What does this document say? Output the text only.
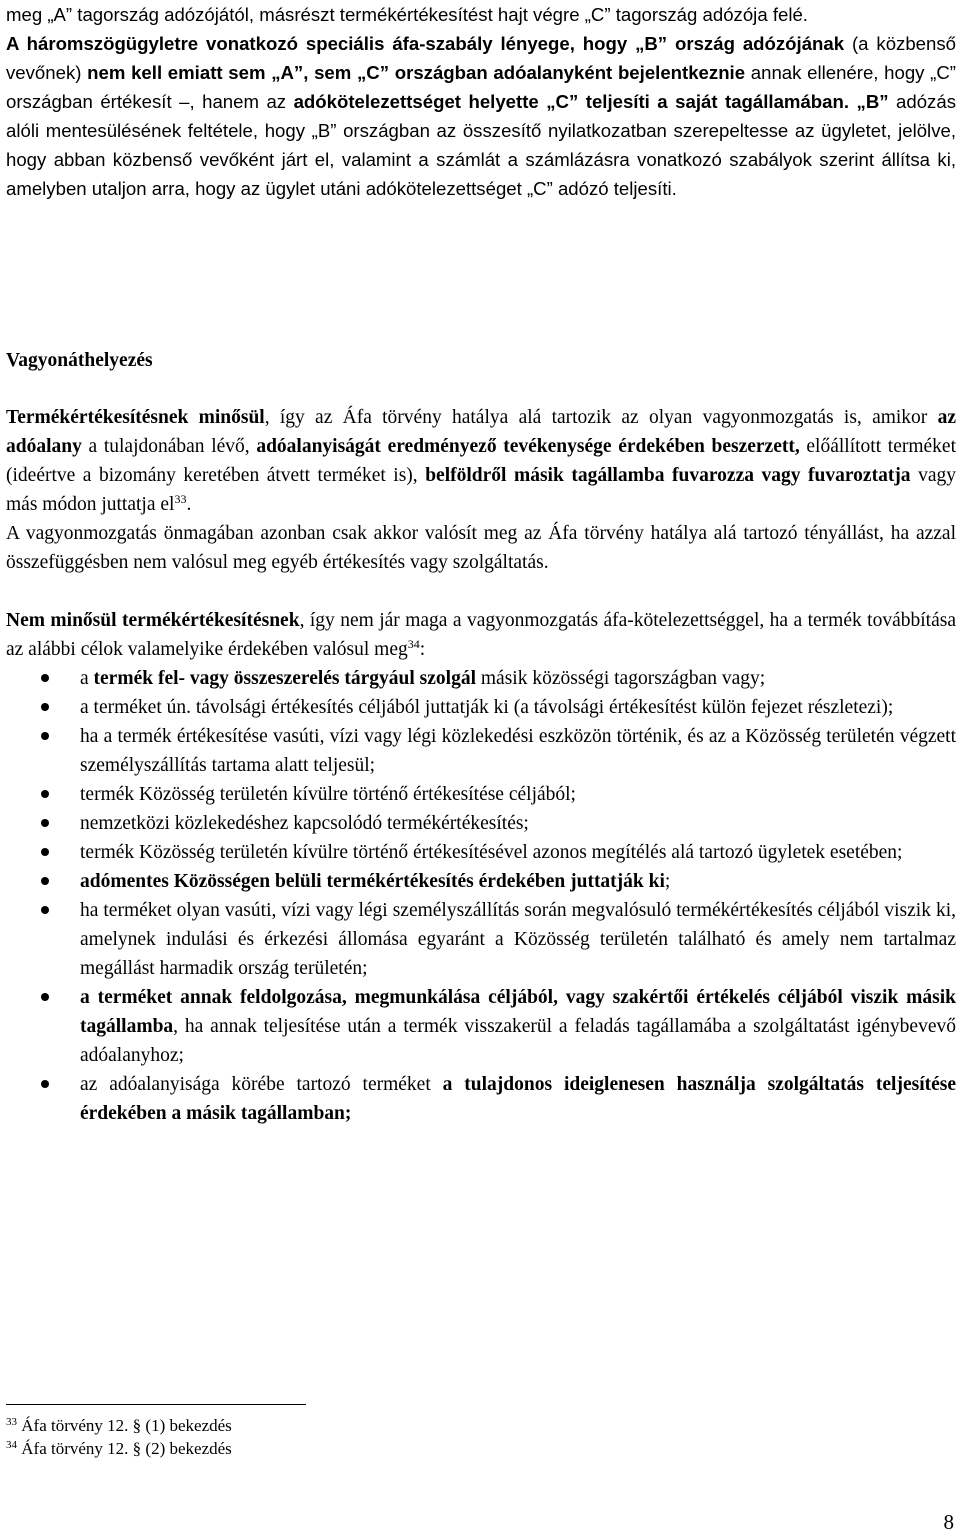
meg „A” tagország adózójától, másrészt termékértékesítést hajt végre „C” tagország adózója felé.
A háromszögügyletre vonatkozó speciális áfa-szabály lényege, hogy „B” ország adózójának (a közbenső vevőnek) nem kell emiatt sem „A”, sem „C” országban adóalanyként bejelentkeznie annak ellenére, hogy „C” országban értékesít –, hanem az adókötelezettséget helyette „C” teljesíti a saját tagállamában. „B” adózás alóli mentesülésének feltétele, hogy „B” országban az összesítő nyilatkozatban szerepeltesse az ügyletet, jelölve, hogy abban közbenső vevőként járt el, valamint a számlát a számlázásra vonatkozó szabályok szerint állítsa ki, amelyben utaljon arra, hogy az ügylet utáni adókötelezettséget „C” adózó teljesíti.

Vagyonáthelyezés

Termékértékesítésnek minősül, így az Áfa törvény hatálya alá tartozik az olyan vagyonmozgatás is, amikor az adóalany a tulajdonában lévő, adóalanyiságát eredményező tevékenysége érdekében beszerzett, előállított terméket (ideértve a bizomány keretében átvett terméket is), belföldről másik tagállamba fuvarozza vagy fuvaroztatja vagy más módon juttatja $el^{33}$.

A vagyonmozgatás önmagában azonban csak akkor valósít meg az Áfa törvény hatálya alá tartozó tényállást, ha azzal összefüggésben nem valósul meg egyéb értékesítés vagy szolgáltatás.

Nem minősül termékértékesítésnek, így nem jár maga a vagyonmozgatás áfa-kötelezettséggel, ha a termék továbbítása az alábbi célok valamelyike érdekében valósul meg$^{34}$:

a termék fel- vagy összeszerelés tárgyául szolgál másik közösségi tagországban vagy;
a terméket ún. távolsági értékesítés céljából juttatják ki (a távolsági értékesítést külön fejezet részletezi);
ha a termék értékesítése vasúti, vízi vagy légi közlekedési eszközön történik, és az a Közösség területén végzett személyszállítás tartama alatt teljesül;
termék Közösség területén kívülre történő értékesítése céljából;
nemzetközi közlekedéshez kapcsolódó termékértékesítés;
termék Közösség területén kívülre történő értékesítésével azonos megítélés alá tartozó ügyletek esetében;
adómentes Közösségen belüli termékértékesítés érdekében juttatják ki;
ha terméket olyan vasúti, vízi vagy légi személyszállítás során megvalósuló termékértékesítés céljából viszik ki, amelynek indulási és érkezési állomása egyaránt a Közösség területén található és amely nem tartalmaz megállást harmadik ország területén;
a terméket annak feldolgozása, megmunkálása céljából, vagy szakértői értékelés céljából viszik másik tagállamba, ha annak teljesítése után a termék visszakerül a feladás tagállamába a szolgáltatást igénybevevő adóalanyhoz;
az adóalanyisága körébe tartozó terméket a tulajdonos ideiglenesen használja szolgáltatás teljesítése érdekében a másik tagállamban;

$^{33}$ Áfa törvény 12. § (1) bekezdés

$^{34}$ Áfa törvény 12. § (2) bekezdés

8
